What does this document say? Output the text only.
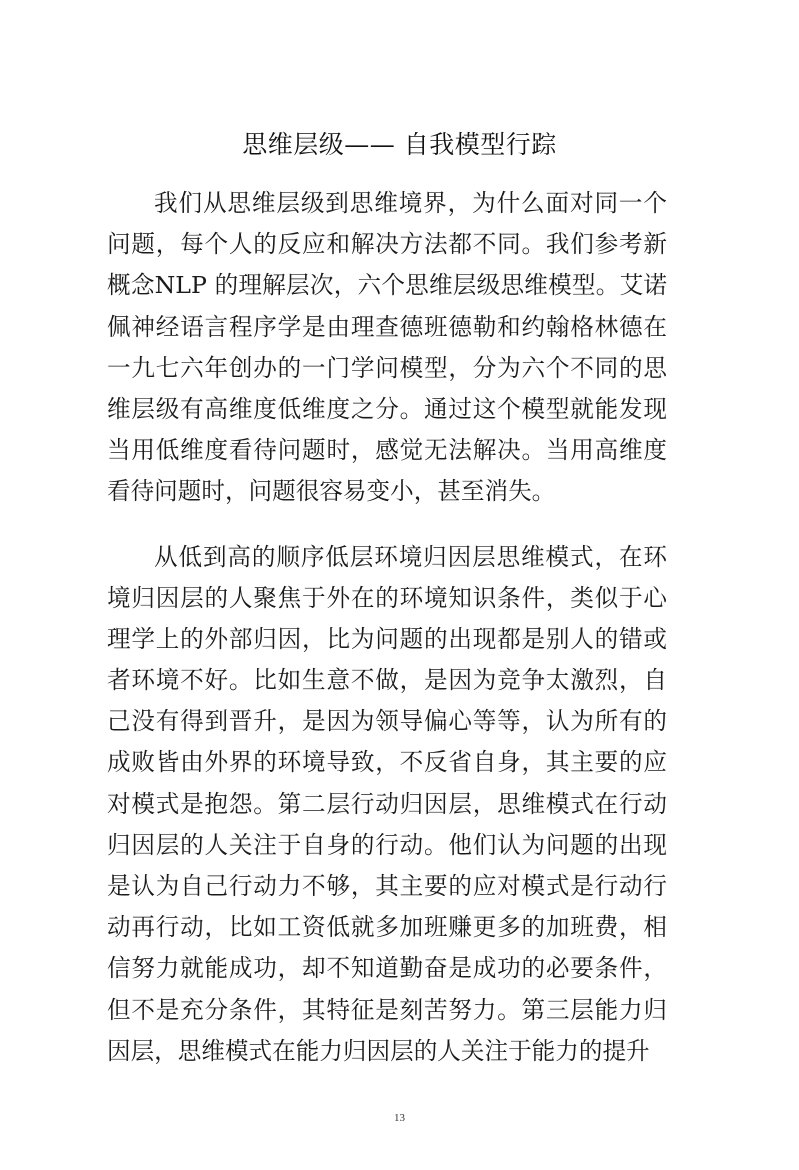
思维层级—— 自我模型行踪

我们从思维层级到思维境界，为什么面对同一个
问题，每个人的反应和解决方法都不同。我们参考新
概念NLP 的理解层次，六个思维层级思维模型。艾诺
佩神经语言程序学是由理查德班德勒和约翰格林德在
一九七六年创办的一门学问模型，分为六个不同的思
维层级有高维度低维度之分。通过这个模型就能发现
当用低维度看待问题时，感觉无法解决。当用高维度
看待问题时，问题很容易变小，甚至消失。

从低到高的顺序低层环境归因层思维模式，在环
境归因层的人聚焦于外在的环境知识条件，类似于心
理学上的外部归因，比为问题的出现都是别人的错或
者环境不好。比如生意不做，是因为竞争太激烈，自
己没有得到晋升，是因为领导偏心等等，认为所有的
成败皆由外界的环境导致，不反省自身，其主要的应
对模式是抱怨。第二层行动归因层，思维模式在行动
归因层的人关注于自身的行动。他们认为问题的出现
是认为自己行动力不够，其主要的应对模式是行动行
动再行动，比如工资低就多加班赚更多的加班费，相
信努力就能成功，却不知道勤奋是成功的必要条件，
但不是充分条件，其特征是刻苦努力。第三层能力归
因层，思维模式在能力归因层的人关注于能力的提升

13
